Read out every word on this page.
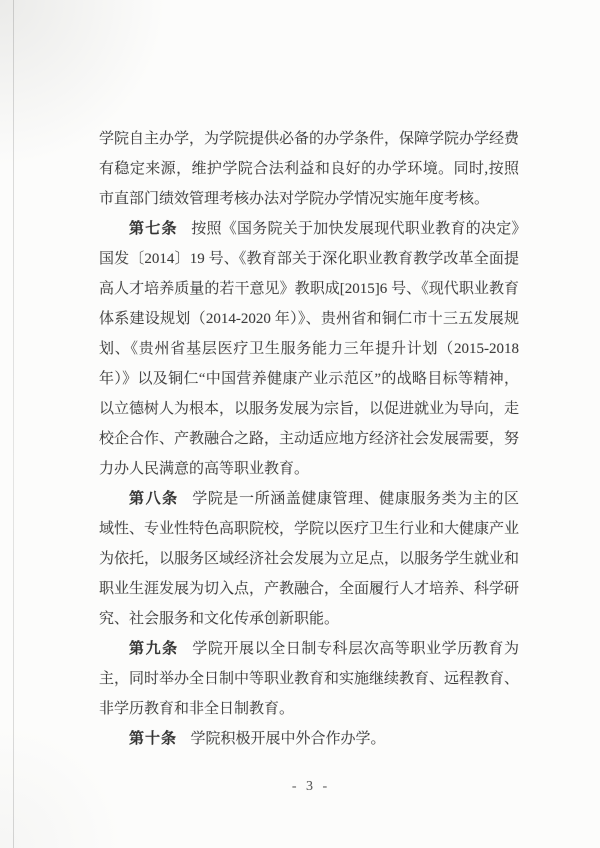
学院自主办学，为学院提供必备的办学条件，保障学院办学经费有稳定来源，维护学院合法利益和良好的办学环境。同时,按照市直部门绩效管理考核办法对学院办学情况实施年度考核。

第七条 按照《国务院关于加快发展现代职业教育的决定》国发〔2014〕19 号、《教育部关于深化职业教育教学改革全面提高人才培养质量的若干意见》教职成[2015]6 号、《现代职业教育体系建设规划（2014-2020 年）》、贵州省和铜仁市十三五发展规划、《贵州省基层医疗卫生服务能力三年提升计划（2015-2018 年）》以及铜仁“中国营养健康产业示范区”的战略目标等精神，以立德树人为根本，以服务发展为宗旨，以促进就业为导向，走校企合作、产教融合之路，主动适应地方经济社会发展需要，努力办人民满意的高等职业教育。

第八条 学院是一所涵盖健康管理、健康服务类为主的区域性、专业性特色高职院校，学院以医疗卫生行业和大健康产业为依托，以服务区域经济社会发展为立足点，以服务学生就业和职业生涯发展为切入点，产教融合，全面履行人才培养、科学研究、社会服务和文化传承创新职能。

第九条 学院开展以全日制专科层次高等职业学历教育为主，同时举办全日制中等职业教育和实施继续教育、远程教育、非学历教育和非全日制教育。

第十条 学院积极开展中外合作办学。

- 3 -
